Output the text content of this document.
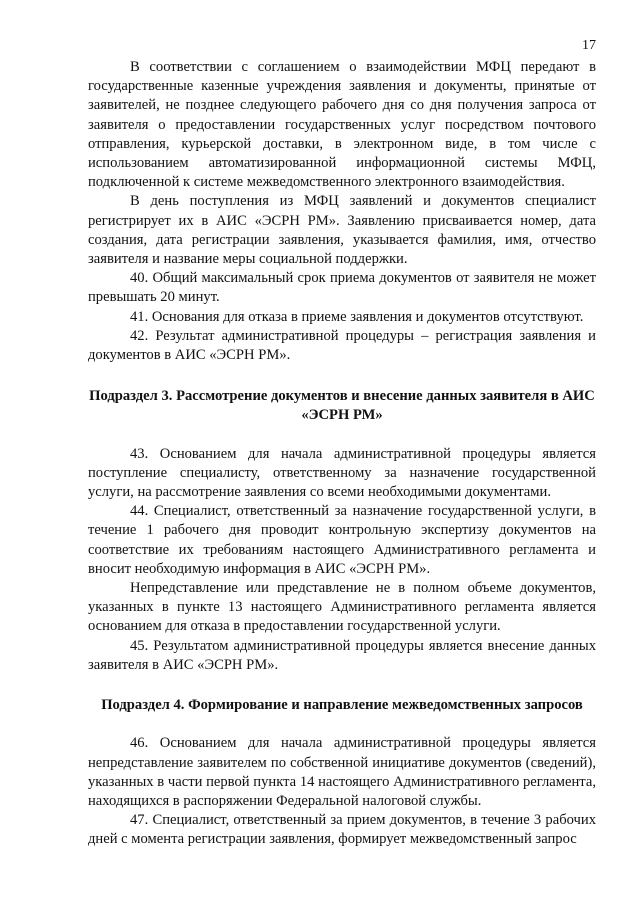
17

В соответствии с соглашением о взаимодействии МФЦ передают в государственные казенные учреждения заявления и документы, принятые от заявителей, не позднее следующего рабочего дня со дня получения запроса от заявителя о предоставлении государственных услуг посредством почтового отправления, курьерской доставки, в электронном виде, в том числе с использованием автоматизированной информационной системы МФЦ, подключенной к системе межведомственного электронного взаимодействия.

В день поступления из МФЦ заявлений и документов специалист регистрирует их в АИС «ЭСРН РМ». Заявлению присваивается номер, дата создания, дата регистрации заявления, указывается фамилия, имя, отчество заявителя и название меры социальной поддержки.

40. Общий максимальный срок приема документов от заявителя не может превышать 20 минут.

41. Основания для отказа в приеме заявления и документов отсутствуют.

42. Результат административной процедуры – регистрация заявления и документов в АИС «ЭСРН РМ».

Подраздел 3. Рассмотрение документов и внесение данных заявителя в АИС «ЭСРН РМ»

43. Основанием для начала административной процедуры является поступление специалисту, ответственному за назначение государственной услуги, на рассмотрение заявления со всеми необходимыми документами.

44. Специалист, ответственный за назначение государственной услуги, в течение 1 рабочего дня проводит контрольную экспертизу документов на соответствие их требованиям настоящего Административного регламента и вносит необходимую информация в АИС «ЭСРН РМ».

Непредставление или представление не в полном объеме документов, указанных в пункте 13 настоящего Административного регламента является основанием для отказа в предоставлении государственной услуги.

45. Результатом административной процедуры является внесение данных заявителя в АИС «ЭСРН РМ».

Подраздел 4. Формирование и направление межведомственных запросов

46. Основанием для начала административной процедуры является непредставление заявителем по собственной инициативе документов (сведений), указанных в части первой пункта 14 настоящего Административного регламента, находящихся в распоряжении Федеральной налоговой службы.

47. Специалист, ответственный за прием документов, в течение 3 рабочих дней с момента регистрации заявления, формирует межведомственный запрос
